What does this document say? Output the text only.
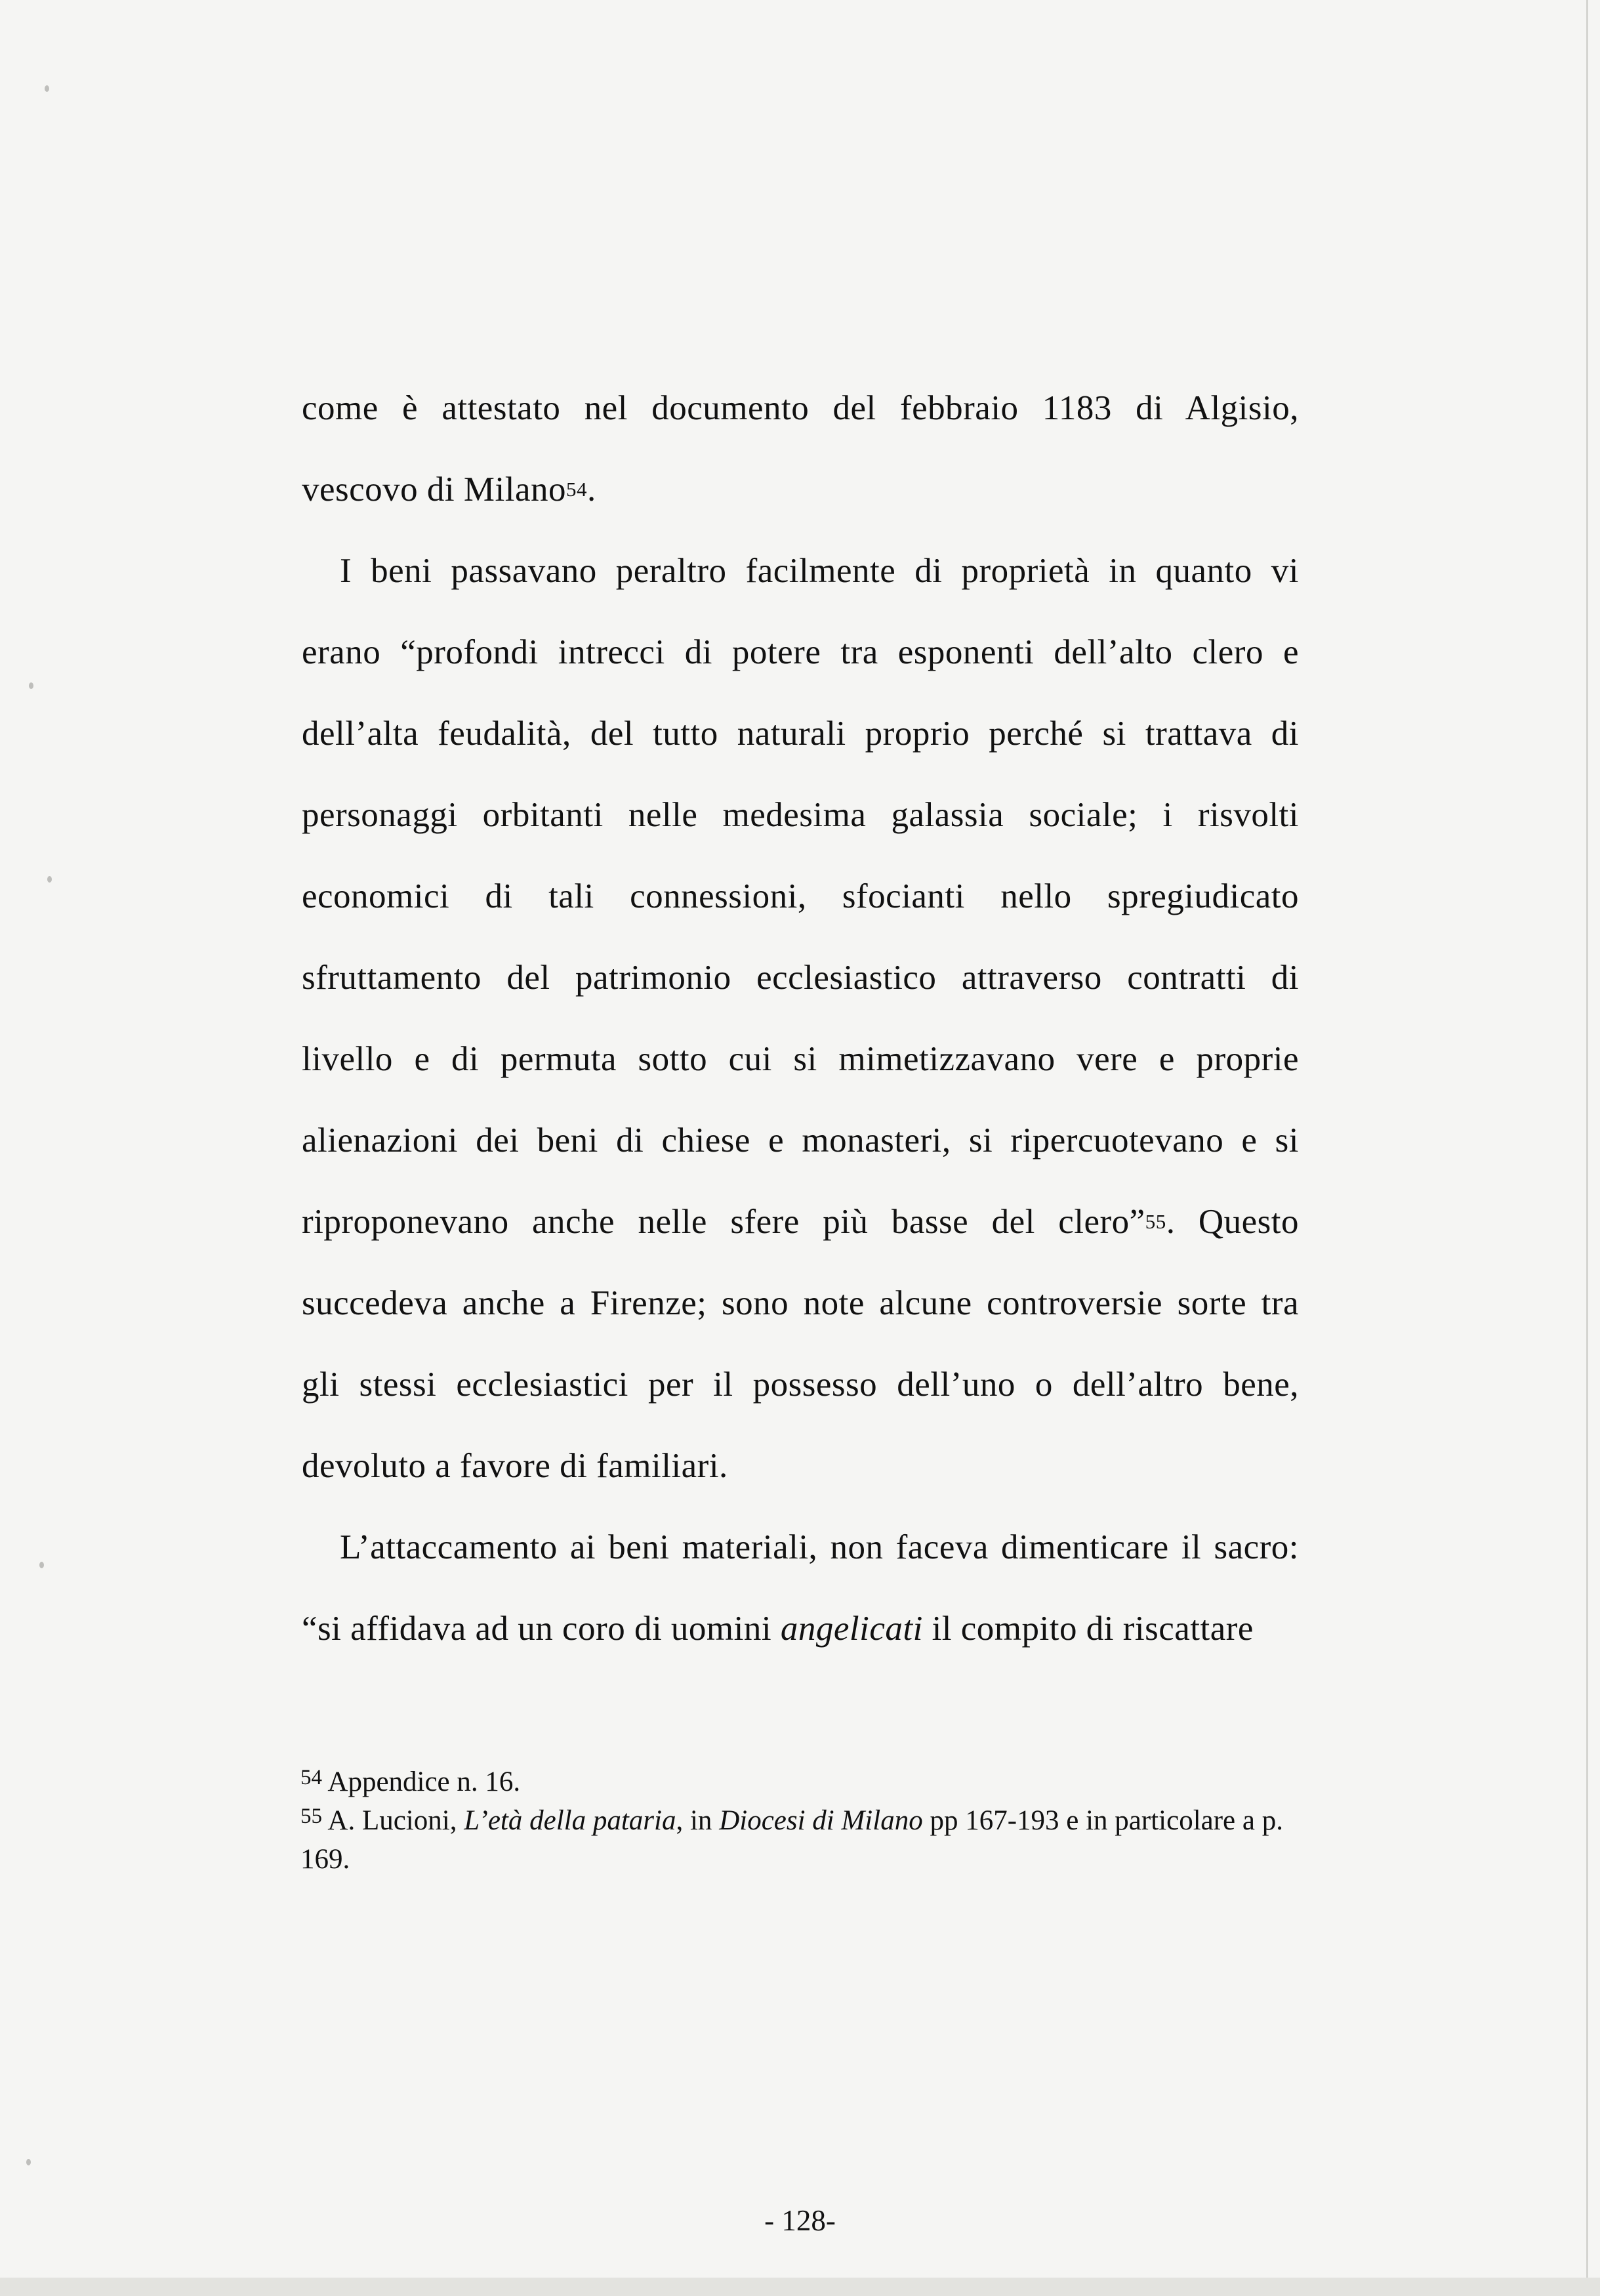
come è attestato nel documento del febbraio 1183 di Algisio,
vescovo di Milano$^{54}$.
I beni passavano peraltro facilmente di proprietà in quanto vi
erano “profondi intrecci di potere tra esponenti dell’alto clero e
dell’alta feudalità, del tutto naturali proprio perché si trattava di
personaggi orbitanti nelle medesima galassia sociale; i risvolti
economici di tali connessioni, sfocianti nello spregiudicato
sfruttamento del patrimonio ecclesiastico attraverso contratti di
livello e di permuta sotto cui si mimetizzavano vere e proprie
alienazioni dei beni di chiese e monasteri, si ripercuotevano e si
riproponevano anche nelle sfere più basse del clero”$^{55}$. Questo
succedeva anche a Firenze; sono note alcune controversie sorte tra
gli stessi ecclesiastici per il possesso dell’uno o dell’altro bene,
devoluto a favore di familiari.
L’attaccamento ai beni materiali, non faceva dimenticare il sacro:
“si affidava ad un coro di uomini angelicati il compito di riscattare
$^{54}$ Appendice n. 16.
$^{55}$ A. Lucioni, L’età della pataria, in Diocesi di Milano pp 167-193 e in particolare a p.
169.
- 128-
